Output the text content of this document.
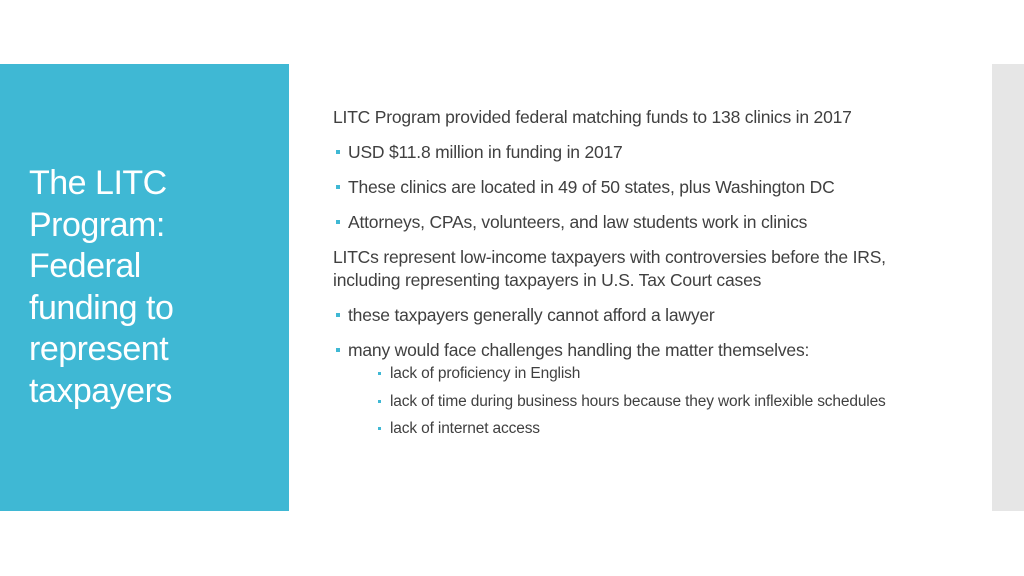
The LITC
Program:
Federal
funding to
represent
taxpayers
LITC Program provided federal matching funds to 138 clinics in 2017
USD $11.8 million in funding in 2017
These clinics are located in 49 of 50 states, plus Washington DC
Attorneys, CPAs, volunteers, and law students work in clinics
LITCs represent low-income taxpayers with controversies before the IRS, including representing taxpayers in U.S. Tax Court cases
these taxpayers generally cannot afford a lawyer
many would face challenges handling the matter themselves:
lack of proficiency in English
lack of time during business hours because they work inflexible schedules
lack of internet access
